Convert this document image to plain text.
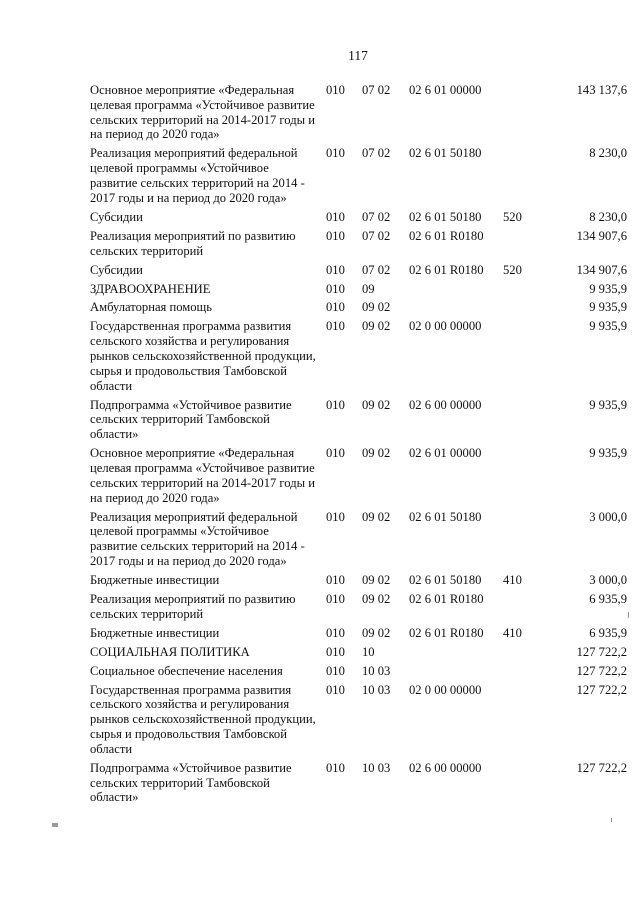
117
Основное мероприятие «Федеральная целевая программа «Устойчивое развитие сельских территорий на 2014-2017 годы и на период до 2020 года»	010	07 02	02 6 01 00000		143 137,6
Реализация мероприятий федеральной целевой программы «Устойчивое развитие сельских территорий на 2014 - 2017 годы и на период до 2020 года»	010	07 02	02 6 01 50180		8 230,0
Субсидии	010	07 02	02 6 01 50180	520	8 230,0
Реализация мероприятий по развитию сельских территорий	010	07 02	02 6 01 R0180		134 907,6
Субсидии	010	07 02	02 6 01 R0180	520	134 907,6
ЗДРАВООХРАНЕНИЕ	010	09			9 935,9
Амбулаторная помощь	010	09 02			9 935,9
Государственная программа развития сельского хозяйства и регулирования рынков сельскохозяйственной продукции, сырья и продовольствия Тамбовской области	010	09 02	02 0 00 00000		9 935,9
Подпрограмма «Устойчивое развитие сельских территорий Тамбовской области»	010	09 02	02 6 00 00000		9 935,9
Основное мероприятие «Федеральная целевая программа «Устойчивое развитие сельских территорий на 2014-2017 годы и на период до 2020 года»	010	09 02	02 6 01 00000		9 935,9
Реализация мероприятий федеральной целевой программы «Устойчивое развитие сельских территорий на 2014 - 2017 годы и на период до 2020 года»	010	09 02	02 6 01 50180		3 000,0
Бюджетные инвестиции	010	09 02	02 6 01 50180	410	3 000,0
Реализация мероприятий по развитию сельских территорий	010	09 02	02 6 01 R0180		6 935,9
Бюджетные инвестиции	010	09 02	02 6 01 R0180	410	6 935,9
СОЦИАЛЬНАЯ ПОЛИТИКА	010	10			127 722,2
Социальное обеспечение населения	010	10 03			127 722,2
Государственная программа развития сельского хозяйства и регулирования рынков сельскохозяйственной продукции, сырья и продовольствия Тамбовской области	010	10 03	02 0 00 00000		127 722,2
Подпрограмма «Устойчивое развитие сельских территорий Тамбовской области»	010	10 03	02 6 00 00000		127 722,2
